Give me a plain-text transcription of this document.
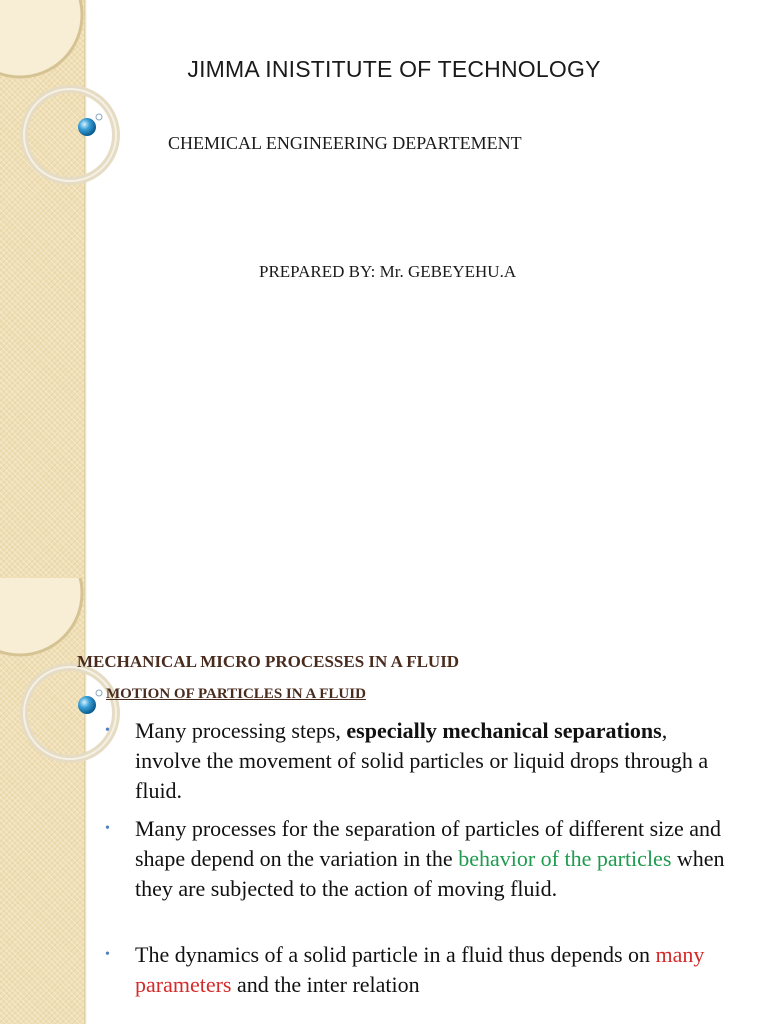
JIMMA INISTITUTE OF TECHNOLOGY
CHEMICAL ENGINEERING DEPARTEMENT
PREPARED BY: Mr. GEBEYEHU.A
MECHANICAL MICRO PROCESSES IN A FLUID
MOTION OF PARTICLES IN A FLUID
• Many processing steps, especially mechanical separations, involve the movement of solid particles or liquid drops through a fluid.
• Many processes for the separation of particles of different size and shape depend on the variation in the behavior of the particles when they are subjected to the action of moving fluid.
• The dynamics of a solid particle in a fluid thus depends on many parameters and the inter relation
